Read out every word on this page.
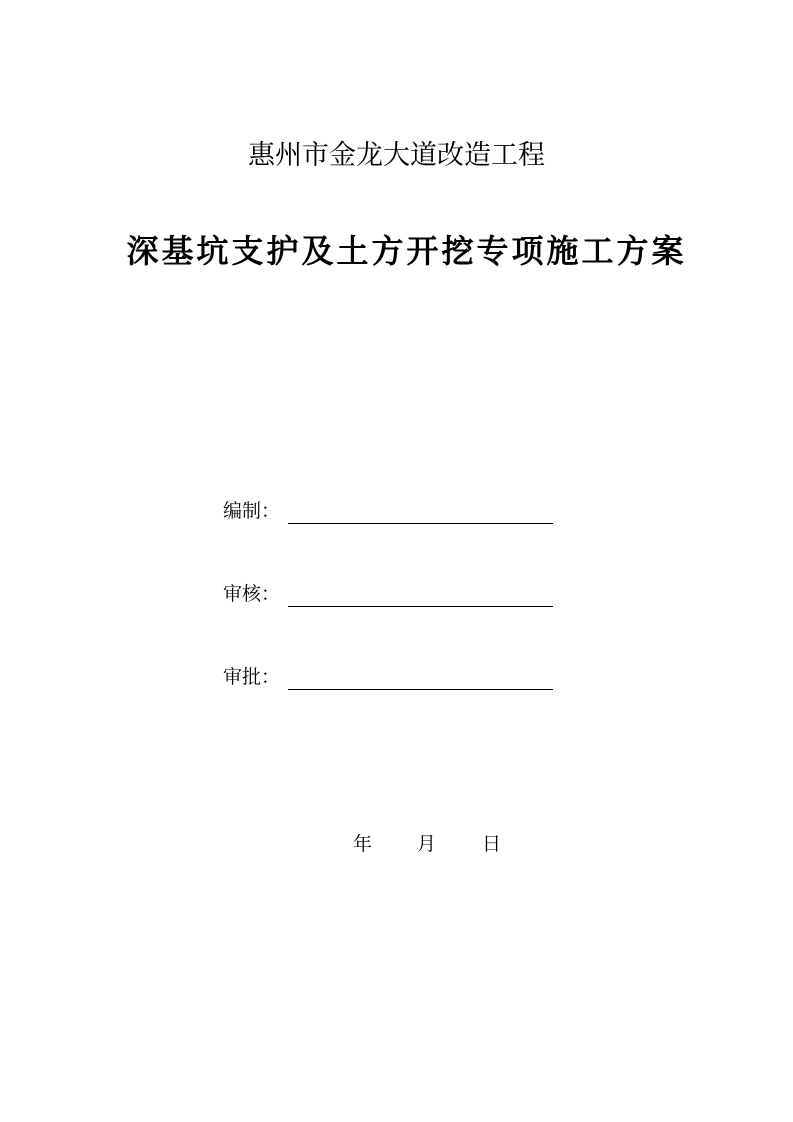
惠州市金龙大道改造工程
深基坑支护及土方开挖专项施工方案
编制：
审核：
审批：
年 月 日
